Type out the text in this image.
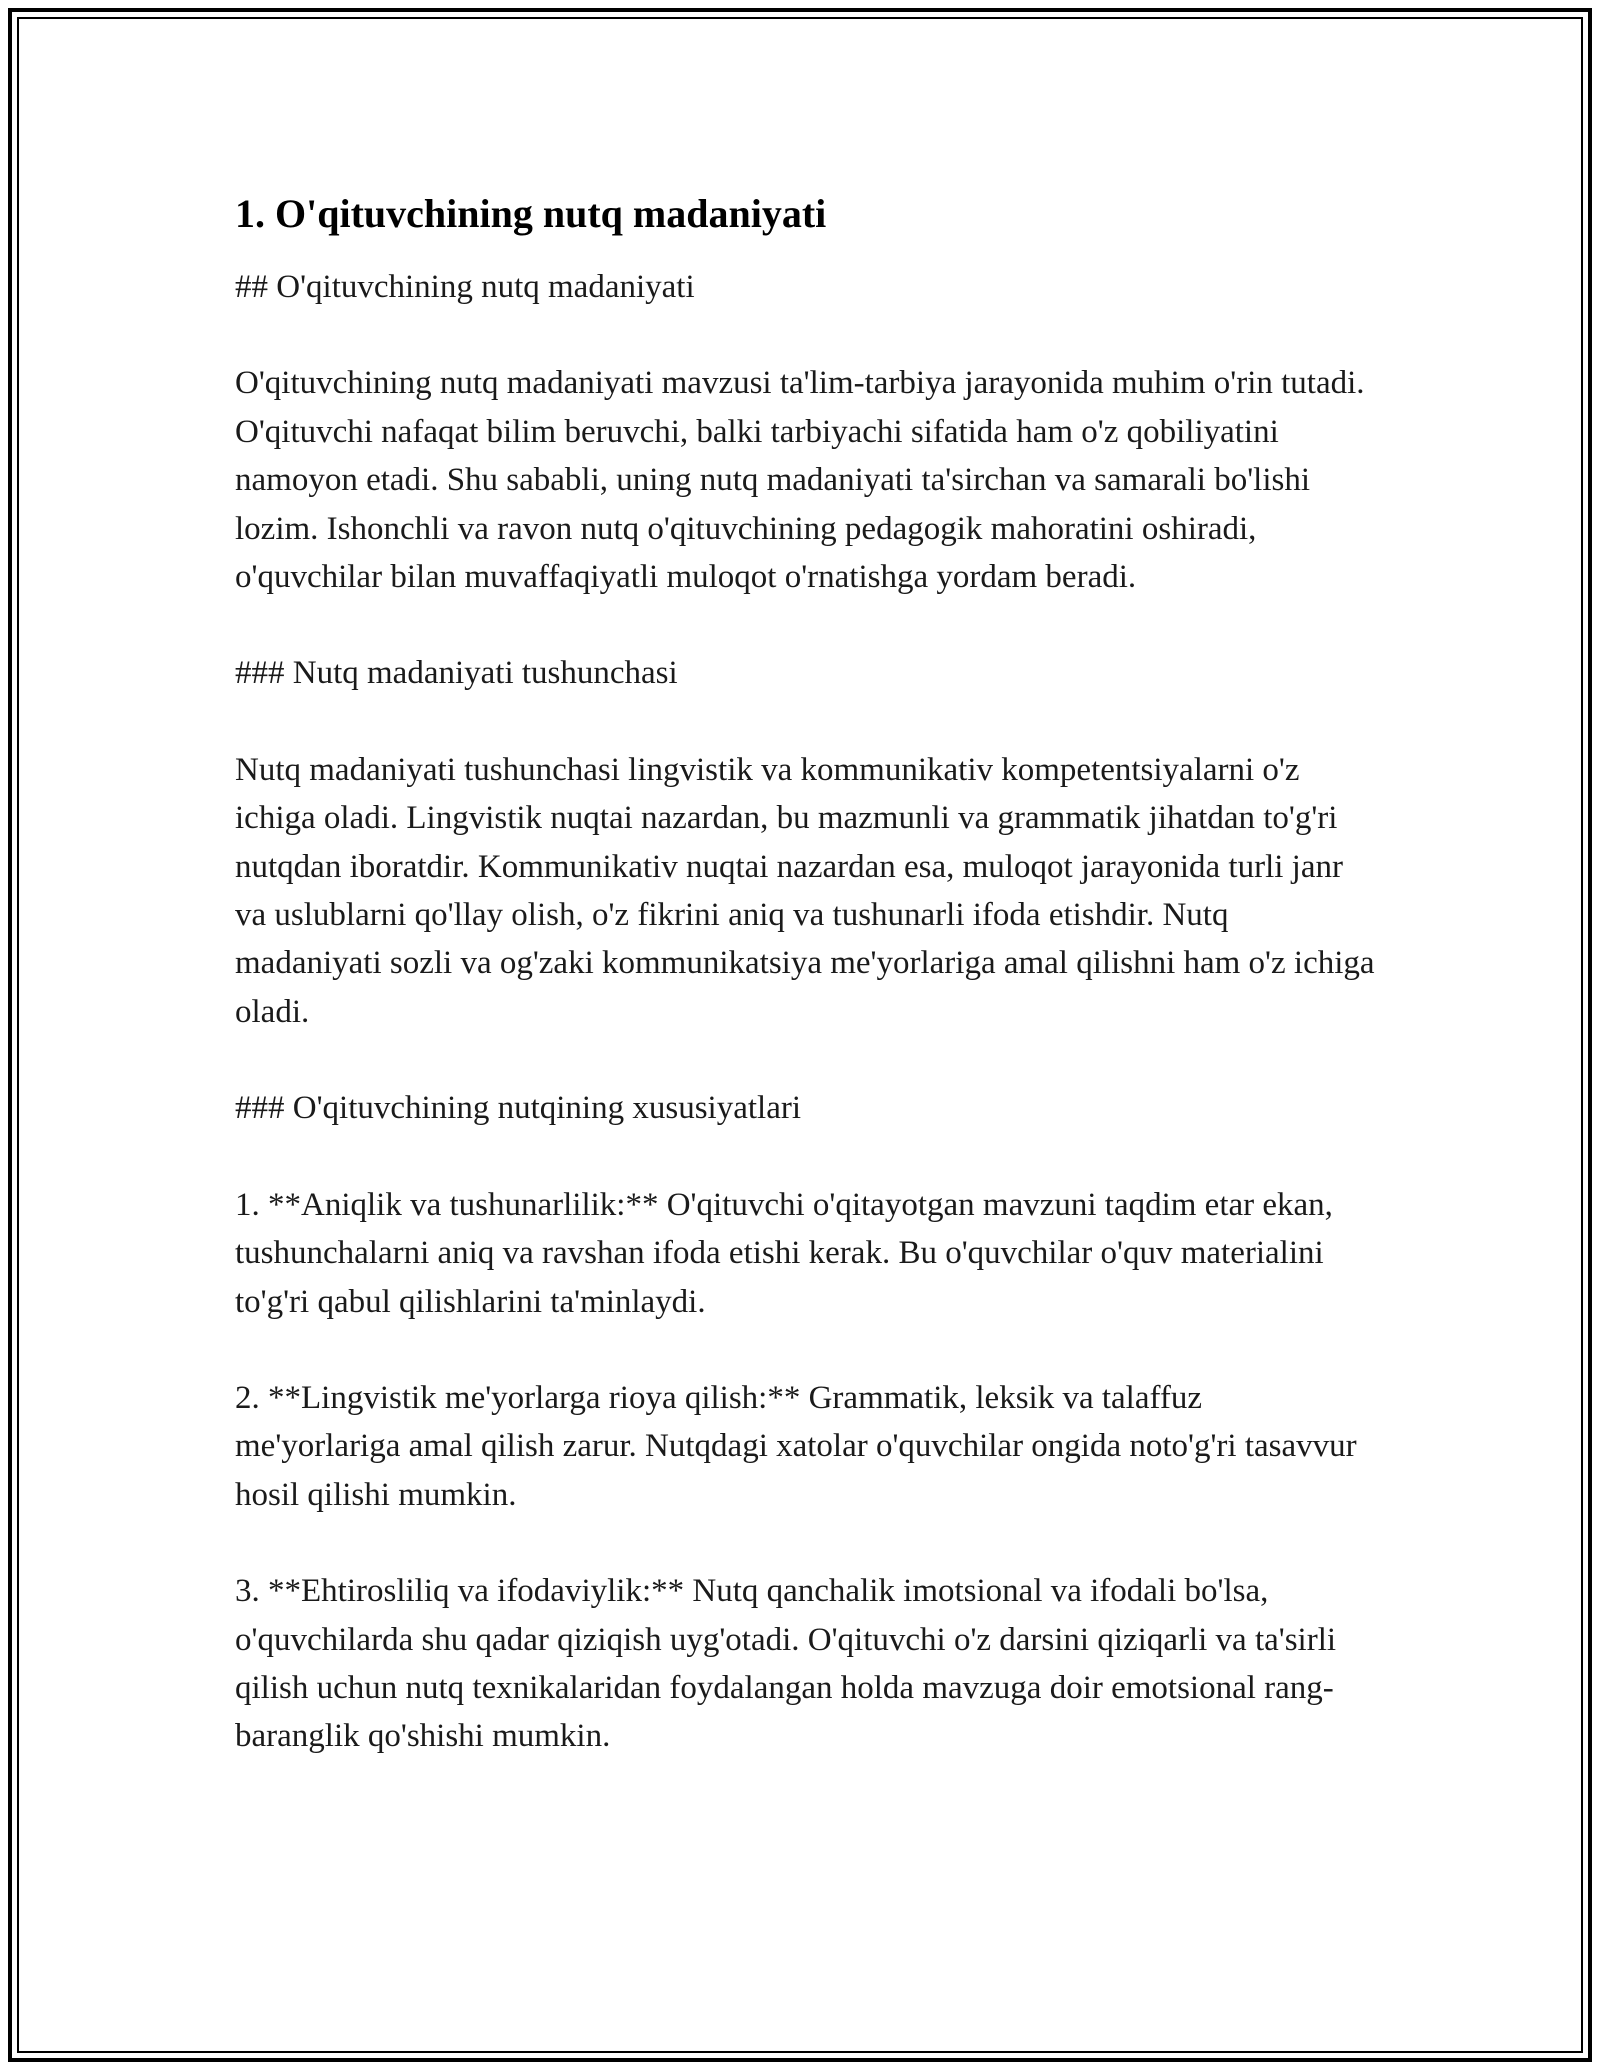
1. O'qituvchining nutq madaniyati

## O'qituvchining nutq madaniyati

O'qituvchining nutq madaniyati mavzusi ta'lim-tarbiya jarayonida muhim o'rin tutadi. O'qituvchi nafaqat bilim beruvchi, balki tarbiyachi sifatida ham o'z qobiliyatini namoyon etadi. Shu sababli, uning nutq madaniyati ta'sirchan va samarali bo'lishi lozim. Ishonchli va ravon nutq o'qituvchining pedagogik mahoratini oshiradi, o'quvchilar bilan muvaffaqiyatli muloqot o'rnatishga yordam beradi.

### Nutq madaniyati tushunchasi

Nutq madaniyati tushunchasi lingvistik va kommunikativ kompetentsiyalarni o'z ichiga oladi. Lingvistik nuqtai nazardan, bu mazmunli va grammatik jihatdan to'g'ri nutqdan iboratdir. Kommunikativ nuqtai nazardan esa, muloqot jarayonida turli janr va uslublarni qo'llay olish, o'z fikrini aniq va tushunarli ifoda etishdir. Nutq madaniyati sozli va og'zaki kommunikatsiya me'yorlariga amal qilishni ham o'z ichiga oladi.

### O'qituvchining nutqining xususiyatlari

1. **Aniqlik va tushunarlilik:** O'qituvchi o'qitayotgan mavzuni taqdim etar ekan, tushunchalarni aniq va ravshan ifoda etishi kerak. Bu o'quvchilar o'quv materialini to'g'ri qabul qilishlarini ta'minlaydi.

2. **Lingvistik me'yorlarga rioya qilish:** Grammatik, leksik va talaffuz me'yorlariga amal qilish zarur. Nutqdagi xatolar o'quvchilar ongida noto'g'ri tasavvur hosil qilishi mumkin.

3. **Ehtirosliliq va ifodaviylik:** Nutq qanchalik imotsional va ifodali bo'lsa, o'quvchilarda shu qadar qiziqish uyg'otadi. O'qituvchi o'z darsini qiziqarli va ta'sirli qilish uchun nutq texnikalaridan foydalangan holda mavzuga doir emotsional rang-baranglik qo'shishi mumkin.
